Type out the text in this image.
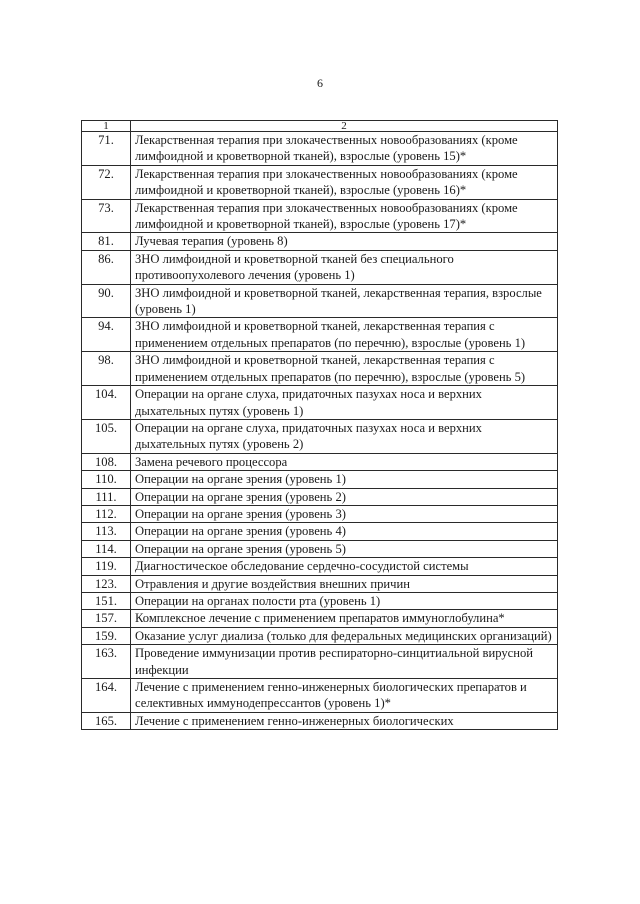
6
1	2
71.	Лекарственная терапия при злокачественных новообразованиях (кроме лимфоидной и кроветворной тканей), взрослые (уровень 15)*
72.	Лекарственная терапия при злокачественных новообразованиях (кроме лимфоидной и кроветворной тканей), взрослые (уровень 16)*
73.	Лекарственная терапия при злокачественных новообразованиях (кроме лимфоидной и кроветворной тканей), взрослые (уровень 17)*
81.	Лучевая терапия (уровень 8)
86.	ЗНО лимфоидной и кроветворной тканей без специального противоопухолевого лечения (уровень 1)
90.	ЗНО лимфоидной и кроветворной тканей, лекарственная терапия, взрослые (уровень 1)
94.	ЗНО лимфоидной и кроветворной тканей, лекарственная терапия с применением отдельных препаратов (по перечню), взрослые (уровень 1)
98.	ЗНО лимфоидной и кроветворной тканей, лекарственная терапия с применением отдельных препаратов (по перечню), взрослые (уровень 5)
104.	Операции на органе слуха, придаточных пазухах носа и верхних дыхательных путях (уровень 1)
105.	Операции на органе слуха, придаточных пазухах носа и верхних дыхательных путях (уровень 2)
108.	Замена речевого процессора
110.	Операции на органе зрения (уровень 1)
111.	Операции на органе зрения (уровень 2)
112.	Операции на органе зрения (уровень 3)
113.	Операции на органе зрения (уровень 4)
114.	Операции на органе зрения (уровень 5)
119.	Диагностическое обследование сердечно-сосудистой системы
123.	Отравления и другие воздействия внешних причин
151.	Операции на органах полости рта (уровень 1)
157.	Комплексное лечение с применением препаратов иммуноглобулина*
159.	Оказание услуг диализа (только для федеральных медицинских организаций)
163.	Проведение иммунизации против респираторно-синцитиальной вирусной инфекции
164.	Лечение с применением генно-инженерных биологических препаратов и селективных иммунодепрессантов (уровень 1)*
165.	Лечение с применением генно-инженерных биологических
